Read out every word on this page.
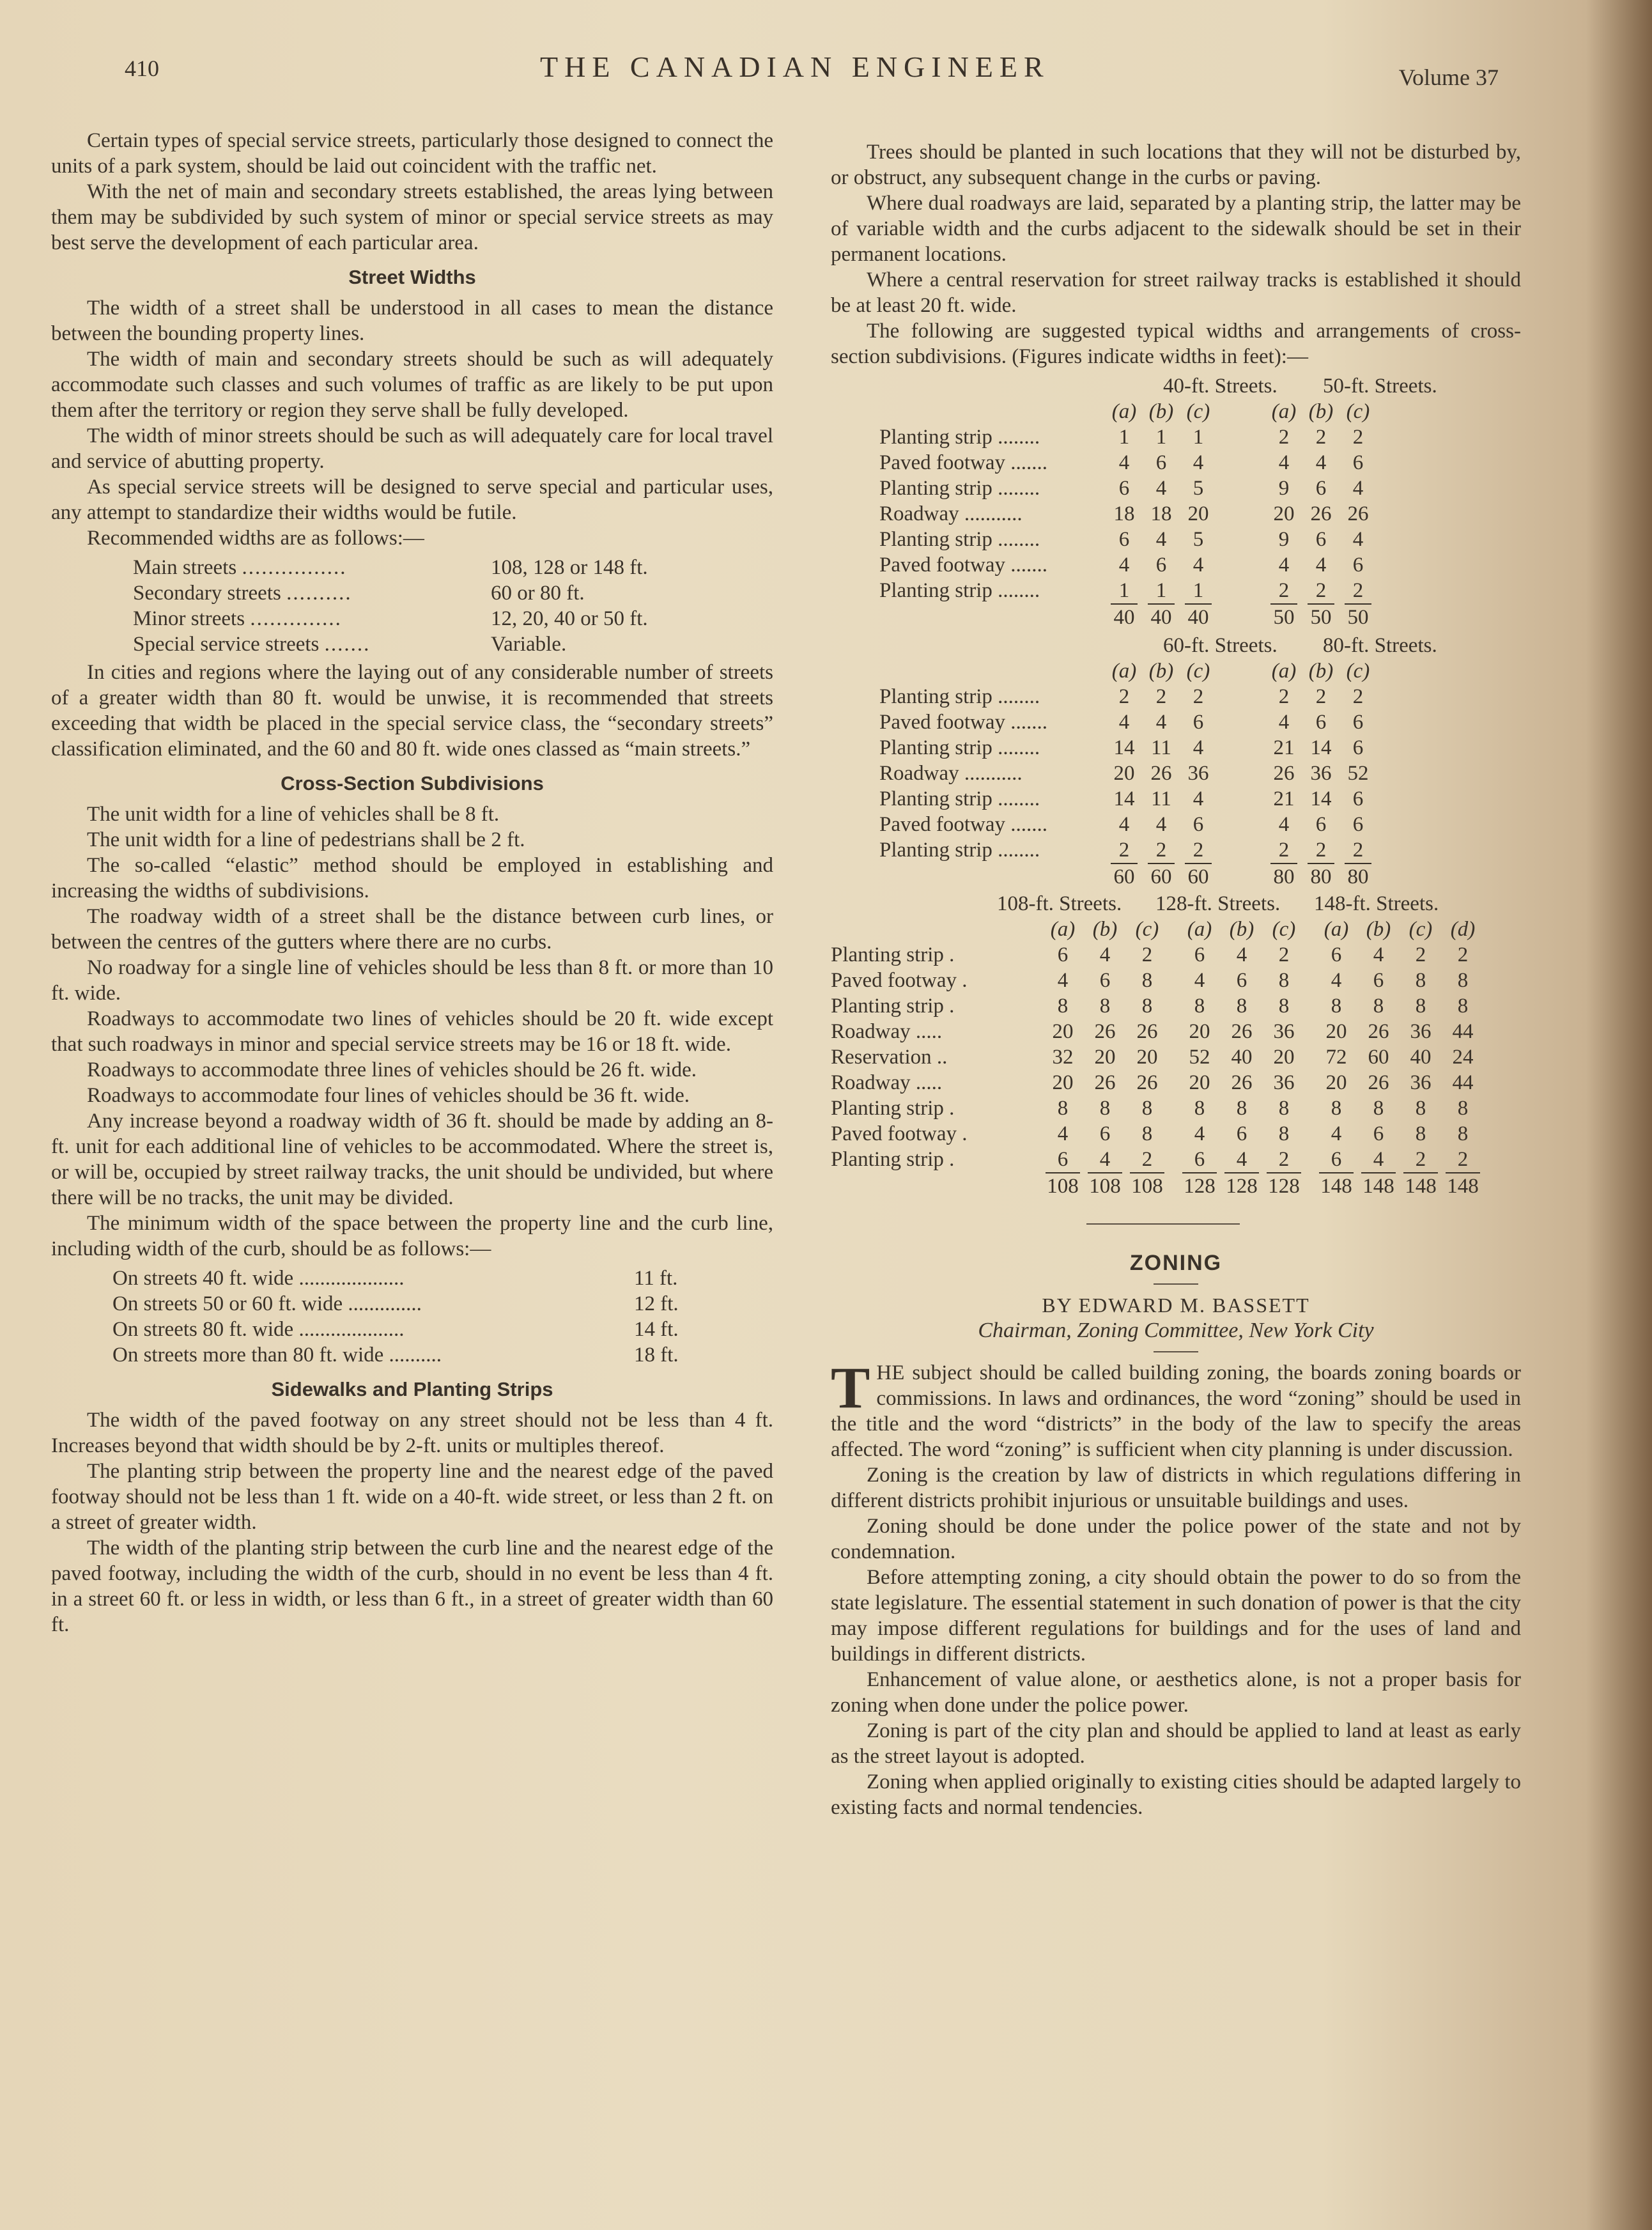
410	THE CANADIAN ENGINEER	Volume 37

Certain types of special service streets, particularly those designed to connect the units of a park system, should be laid out coincident with the traffic net.

With the net of main and secondary streets established, the areas lying between them may be subdivided by such system of minor or special service streets as may best serve the development of each particular area.

Street Widths

The width of a street shall be understood in all cases to mean the distance between the bounding property lines.

The width of main and secondary streets should be such as will adequately accommodate such classes and such volumes of traffic as are likely to be put upon them after the territory or region they serve shall be fully developed.

The width of minor streets should be such as will adequately care for local travel and service of abutting property.

As special service streets will be designed to serve special and particular uses, any attempt to standardize their widths would be futile.

Recommended widths are as follows:—

Main streets ................	108, 128 or 148 ft.
Secondary streets ..........	60 or 80 ft.
Minor streets ..............	12, 20, 40 or 50 ft.
Special service streets .......	Variable.

In cities and regions where the laying out of any considerable number of streets of a greater width than 80 ft. would be unwise, it is recommended that streets exceeding that width be placed in the special service class, the “secondary streets” classification eliminated, and the 60 and 80 ft. wide ones classed as “main streets.”

Cross-Section Subdivisions

The unit width for a line of vehicles shall be 8 ft.

The unit width for a line of pedestrians shall be 2 ft.

The so-called “elastic” method should be employed in establishing and increasing the widths of subdivisions.

The roadway width of a street shall be the distance between curb lines, or between the centres of the gutters where there are no curbs.

No roadway for a single line of vehicles should be less than 8 ft. or more than 10 ft. wide.

Roadways to accommodate two lines of vehicles should be 20 ft. wide except that such roadways in minor and special service streets may be 16 or 18 ft. wide.

Roadways to accommodate three lines of vehicles should be 26 ft. wide.

Roadways to accommodate four lines of vehicles should be 36 ft. wide.

Any increase beyond a roadway width of 36 ft. should be made by adding an 8-ft. unit for each additional line of vehicles to be accommodated. Where the street is, or will be, occupied by street railway tracks, the unit should be undivided, but where there will be no tracks, the unit may be divided.

The minimum width of the space between the property line and the curb line, including width of the curb, should be as follows:—

On streets 40 ft. wide ....................	11 ft.
On streets 50 or 60 ft. wide ..............	12 ft.
On streets 80 ft. wide ....................	14 ft.
On streets more than 80 ft. wide ..........	18 ft.
Sidewalks and Planting Strips

The width of the paved footway on any street should not be less than 4 ft. Increases beyond that width should be by 2-ft. units or multiples thereof.

The planting strip between the property line and the nearest edge of the paved footway should not be less than 1 ft. wide on a 40-ft. wide street, or less than 2 ft. on a street of greater width.

The width of the planting strip between the curb line and the nearest edge of the paved footway, including the width of the curb, should in no event be less than 4 ft. in a street 60 ft. or less in width, or less than 6 ft., in a street of greater width than 60 ft.

Trees should be planted in such locations that they will not be disturbed by, or obstruct, any subsequent change in the curbs or paving.

Where dual roadways are laid, separated by a planting strip, the latter may be of variable width and the curbs adjacent to the sidewalk should be set in their permanent locations.

Where a central reservation for street railway tracks is established it should be at least 20 ft. wide.

The following are suggested typical widths and arrangements of cross-section subdivisions. (Figures indicate widths in feet):—

40-ft. Streets.	50-ft. Streets.
(a) (b) (c)	(a) (b) (c)
Planting strip ........	1	1	1	2	2	2
Paved footway .......	4	6	4	4	4	6
Planting strip ........	6	4	5	9	6	4
Roadway ...........	18 18 20	20 26 26
Planting strip ........	6	4	5	9	6	4
Paved footway .......	4	6	4	4	4	6
Planting strip ........	1	1	1	2	2	2
40 40 40	50 50 50
60-ft. Streets.	80-ft. Streets.
(a) (b) (c)	(a) (b) (c)
Planting strip ........	2	2	2	2	2	2
Paved footway .......	4	4	6	4	6	6
Planting strip ........	14 11	4	21 14	6
Roadway ...........	20 26 36	26 36 52
Planting strip ........	14 11	4	21 14	6
Paved footway .......	4	4	6	4	6	6
Planting strip ........	2	2	2	2	2	2
60 60 60	80 80 80
108-ft. Streets.	128-ft. Streets.	148-ft. Streets.
(a) (b) (c)	(a) (b) (c)	(a) (b) (c) (d)
Planting strip .	6	4	2	6	4	2	6	4	2	2
Paved footway .	4	6	8	4	6	8	4	6	8	8
Planting strip .	8	8	8	8	8	8	8	8	8	8
Roadway .....	20	26	26	20	26	36	20	26	36	44
Reservation ..	32	20	20	52	40	20	72	60	40	24
Roadway .....	20	26	26	20	26	36	20	26	36	44
Planting strip .	8	8	8	8	8	8	8	8	8	8
Paved footway .	4	6	8	4	6	8	4	6	8	8
Planting strip .	6	4	2	6	4	2	6	4	2	2
108 108 108 128 128 128 148 148 148 148
ZONING
BY EDWARD M. BASSETT
Chairman, Zoning Committee, New York City

THE subject should be called building zoning, the boards zoning boards or commissions. In laws and ordinances, the word “zoning” should be used in the title and the word “districts” in the body of the law to specify the areas affected. The word “zoning” is sufficient when city planning is under discussion.

Zoning is the creation by law of districts in which regulations differing in different districts prohibit injurious or unsuitable buildings and uses.

Zoning should be done under the police power of the state and not by condemnation.

Before attempting zoning, a city should obtain the power to do so from the state legislature. The essential statement in such donation of power is that the city may impose different regulations for buildings and for the uses of land and buildings in different districts.

Enhancement of value alone, or aesthetics alone, is not a proper basis for zoning when done under the police power.

Zoning is part of the city plan and should be applied to land at least as early as the street layout is adopted.

Zoning when applied originally to existing cities should be adapted largely to existing facts and normal tendencies.
